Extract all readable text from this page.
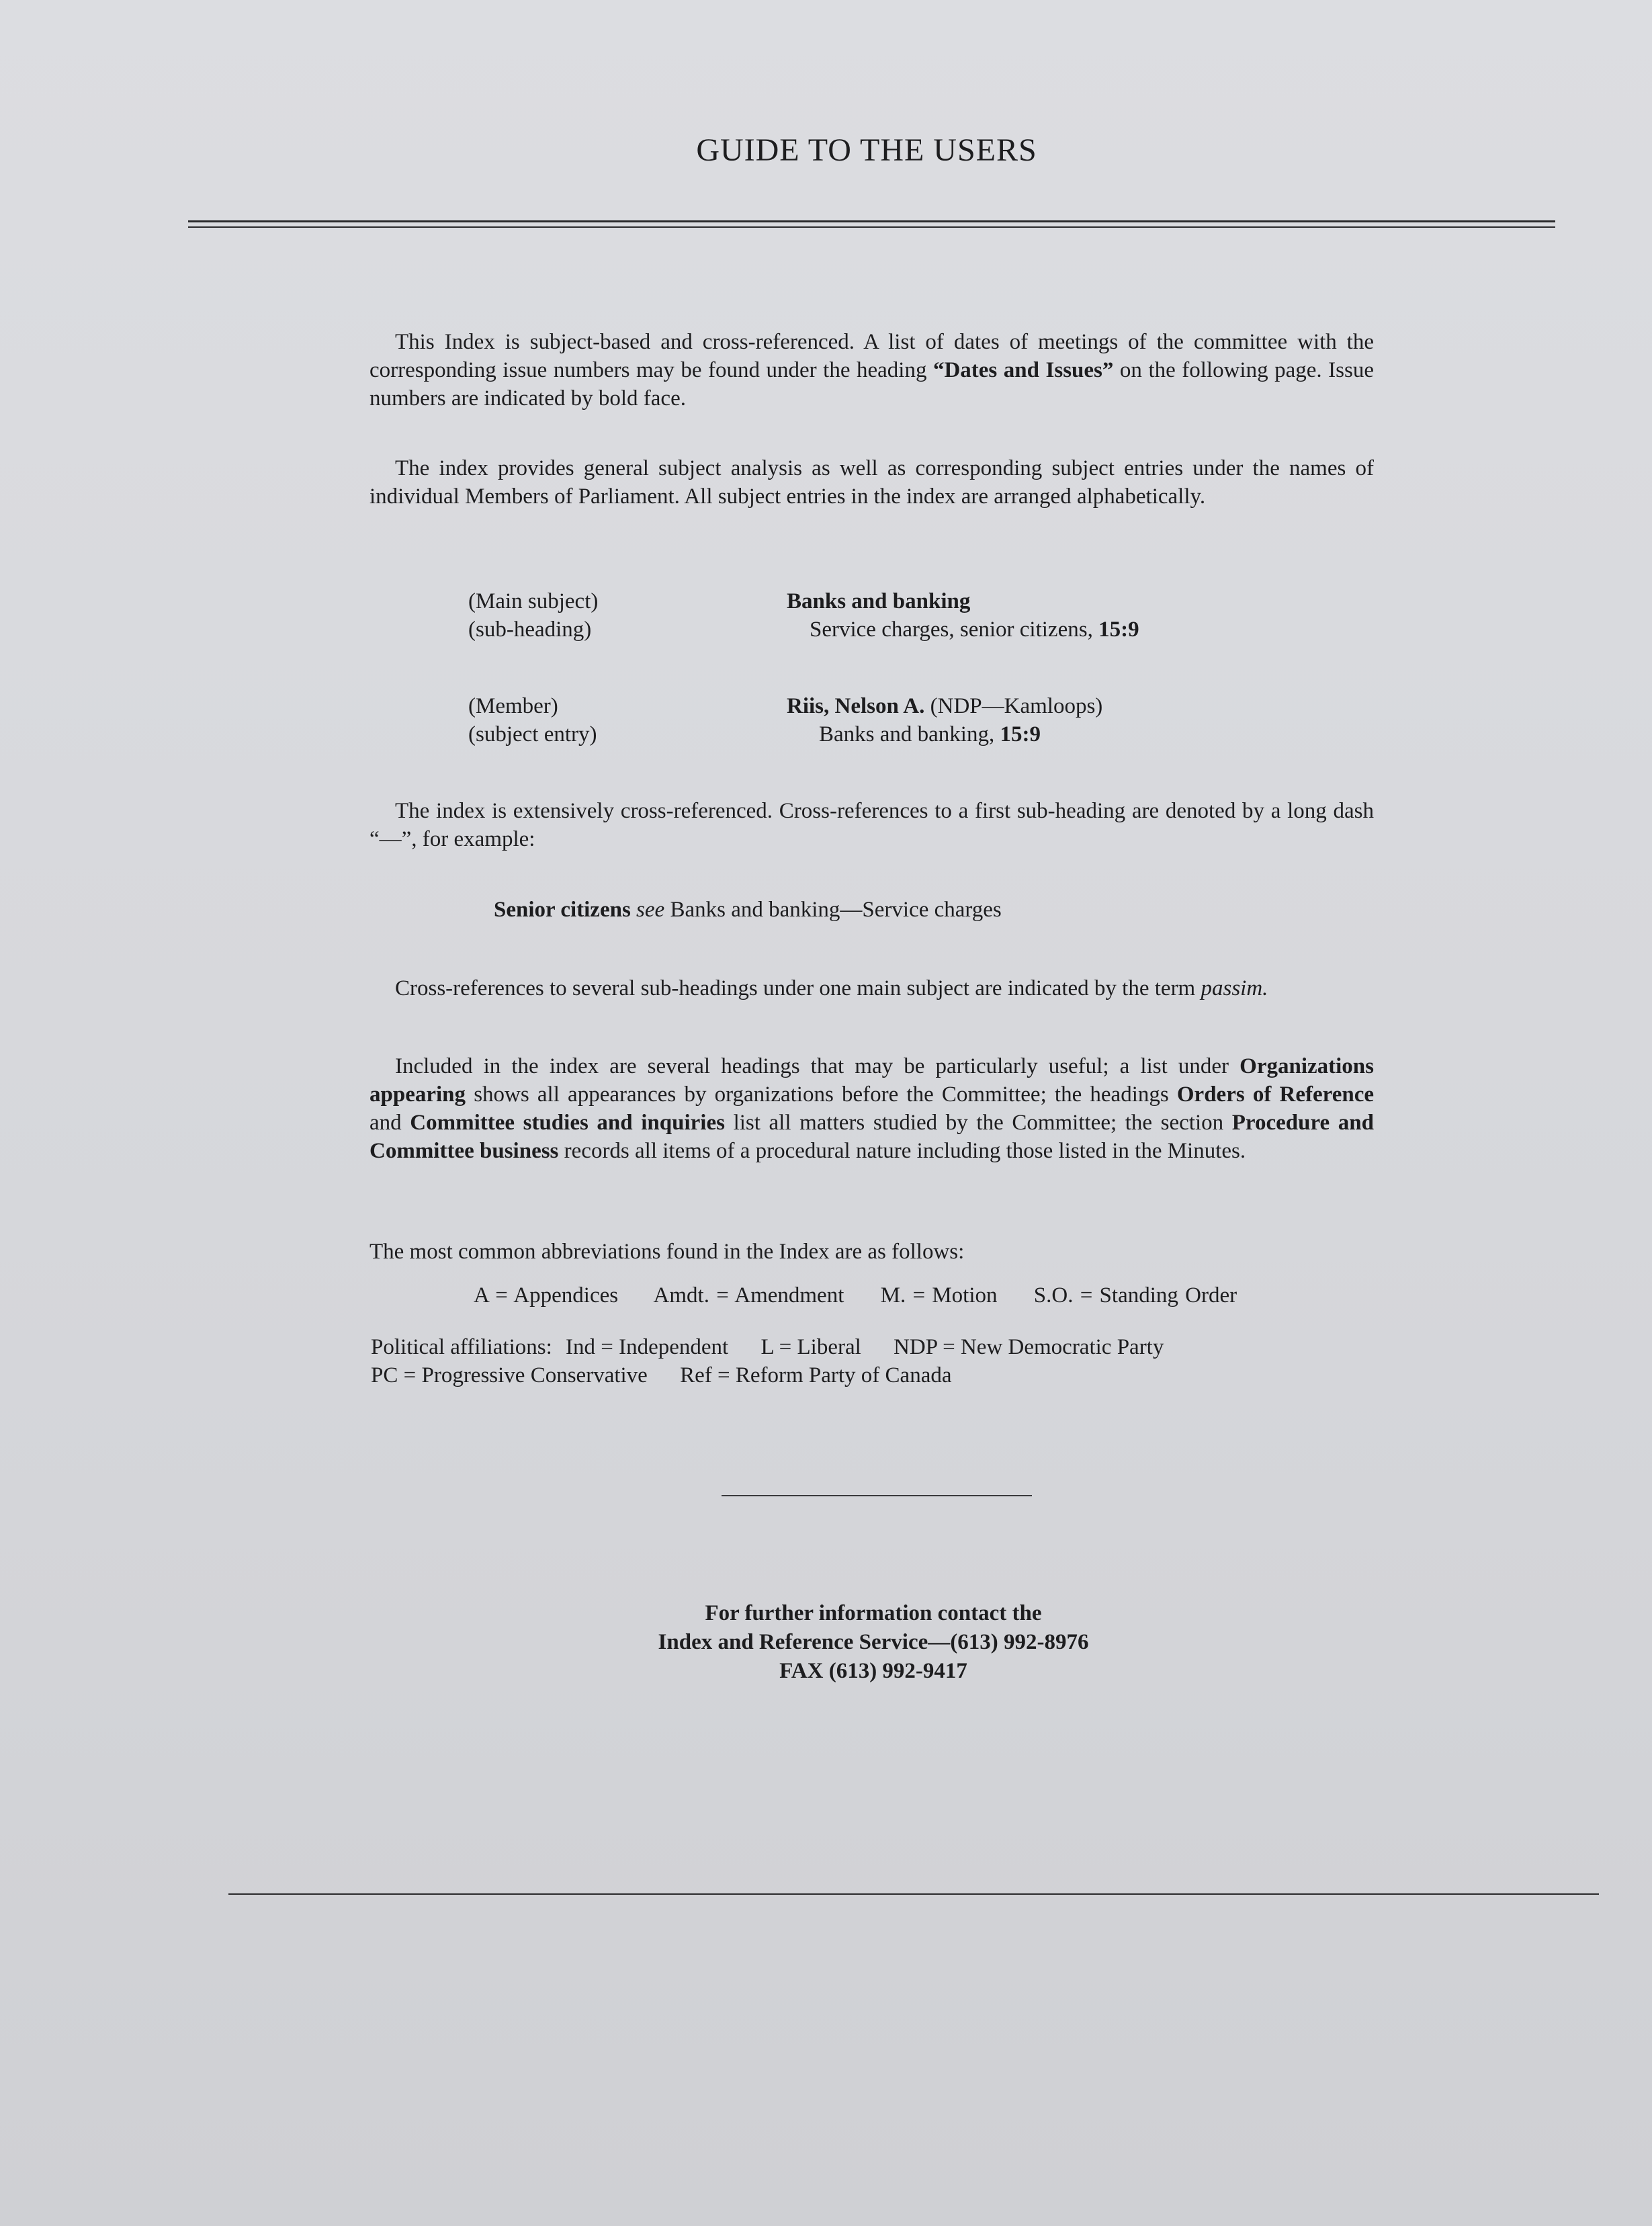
GUIDE TO THE USERS
This Index is subject-based and cross-referenced. A list of dates of meetings of the committee with the corresponding issue numbers may be found under the heading “Dates and Issues” on the following page. Issue numbers are indicated by bold face.
The index provides general subject analysis as well as corresponding subject entries under the names of individual Members of Parliament. All subject entries in the index are arranged alphabetically.
(Main subject)
(sub-heading)
Banks and banking
Service charges, senior citizens, 15:9
(Member)
(subject entry)
Riis, Nelson A. (NDP—Kamloops)
Banks and banking, 15:9
The index is extensively cross-referenced. Cross-references to a first sub-heading are denoted by a long dash “—”, for example:
Senior citizens see Banks and banking—Service charges
Cross-references to several sub-headings under one main subject are indicated by the term passim.
Included in the index are several headings that may be particularly useful; a list under Organizations appearing shows all appearances by organizations before the Committee; the headings Orders of Reference and Committee studies and inquiries list all matters studied by the Committee; the section Procedure and Committee business records all items of a procedural nature including those listed in the Minutes.
The most common abbreviations found in the Index are as follows:
A = Appendices Amdt. = Amendment M. = Motion S.O. = Standing Order
Political affiliations: Ind = Independent L = Liberal NDP = New Democratic Party
PC = Progressive Conservative Ref = Reform Party of Canada
For further information contact the
Index and Reference Service—(613) 992-8976
FAX (613) 992-9417
